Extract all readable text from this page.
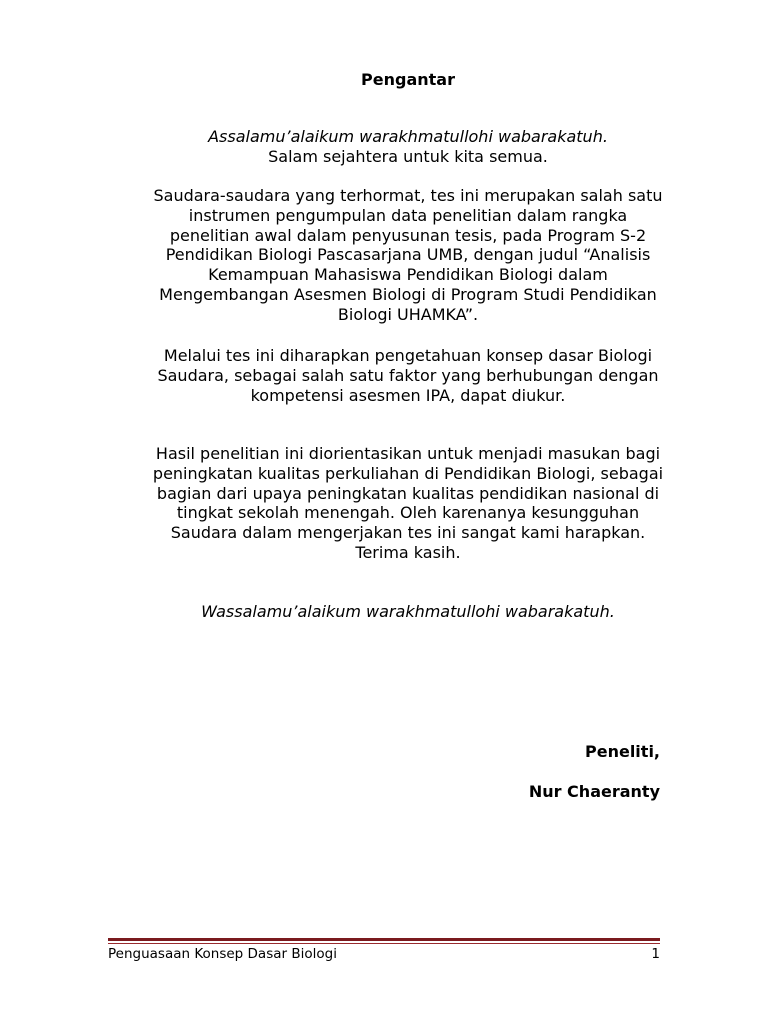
Pengantar

Assalamu’alaikum warakhmatullohi wabarakatuh.

Salam sejahtera untuk kita semua.

Saudara-saudara yang terhormat, tes ini merupakan salah satu instrumen pengumpulan data penelitian dalam rangka penelitian awal dalam penyusunan tesis, pada Program S-2 Pendidikan Biologi Pascasarjana UMB, dengan judul “Analisis Kemampuan Mahasiswa Pendidikan Biologi dalam Mengembangan Asesmen Biologi di Program Studi Pendidikan Biologi UHAMKA”.

Melalui tes ini diharapkan pengetahuan konsep dasar Biologi Saudara, sebagai salah satu faktor yang berhubungan dengan kompetensi asesmen IPA, dapat diukur.

Hasil penelitian ini diorientasikan untuk menjadi masukan bagi peningkatan kualitas perkuliahan di Pendidikan Biologi, sebagai bagian dari upaya peningkatan kualitas pendidikan nasional di tingkat sekolah menengah. Oleh karenanya kesungguhan Saudara dalam mengerjakan tes ini sangat kami harapkan. Terima kasih.

Wassalamu’alaikum warakhmatullohi wabarakatuh.

Peneliti,
Nur Chaeranty
Penguasaan Konsep Dasar Biologi	1
